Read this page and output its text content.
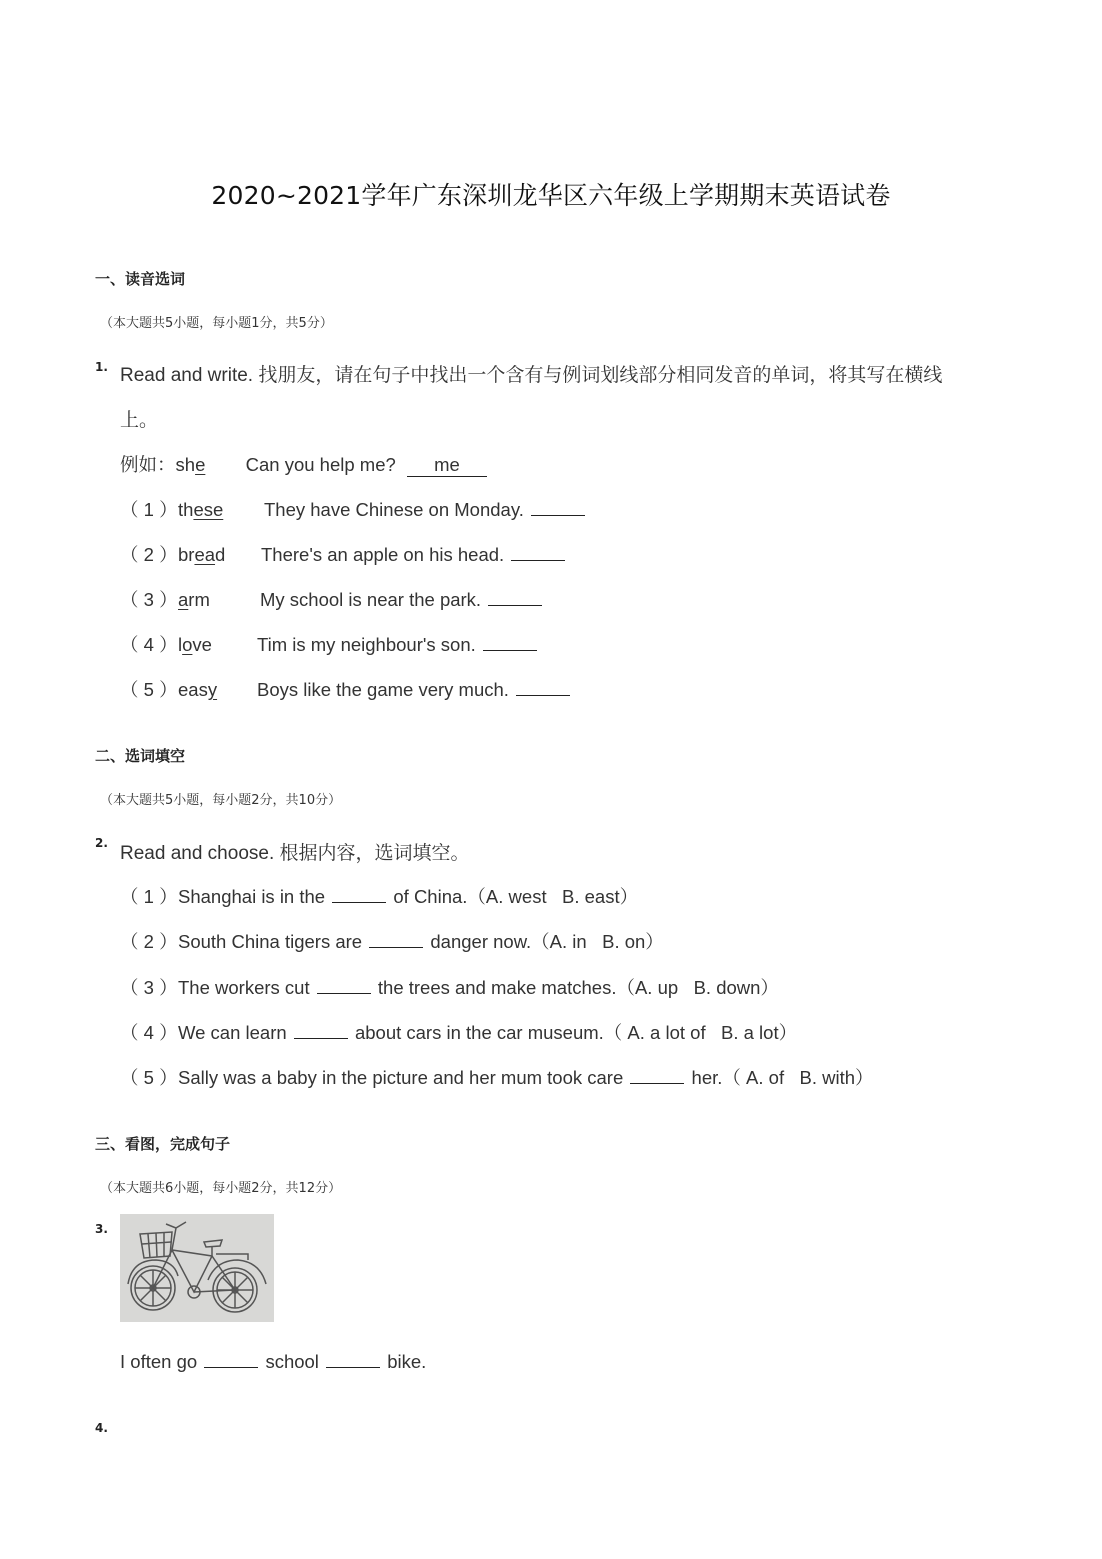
2020~2021学年广东深圳龙华区六年级上学期期末英语试卷
一、读音选词
（本大题共5小题，每小题1分，共5分）
1. Read and write. 找朋友，请在句子中找出一个含有与例词划线部分相同发音的单词，将其写在横线
上。
例如：she Can you help me? me
（ 1 ）these They have Chinese on Monday.
（ 2 ）bread There's an apple on his head.
（ 3 ）arm	My school is near the park.
（ 4 ）love Tim is my neighbour's son.
（ 5 ）easy Boys like the game very much.
二、选词填空
（本大题共5小题，每小题2分，共10分）
2. Read and choose. 根据内容，选词填空。
（ 1 ）Shanghai is in the	of China.（A. west   B. east）
（ 2 ）South China tigers are	danger now.（A. in   B. on）
（ 3 ）The workers cut	the trees and make matches.（A. up   B. down）
（ 4 ）We can learn	about cars in the car museum.（ A. a lot of   B. a lot）
（ 5 ）Sally was a baby in the picture and her mum took care	her.（ A. of   B. with）
三、看图，完成句子
（本大题共6小题，每小题2分，共12分）
3.
I often go	school	bike.
4.
